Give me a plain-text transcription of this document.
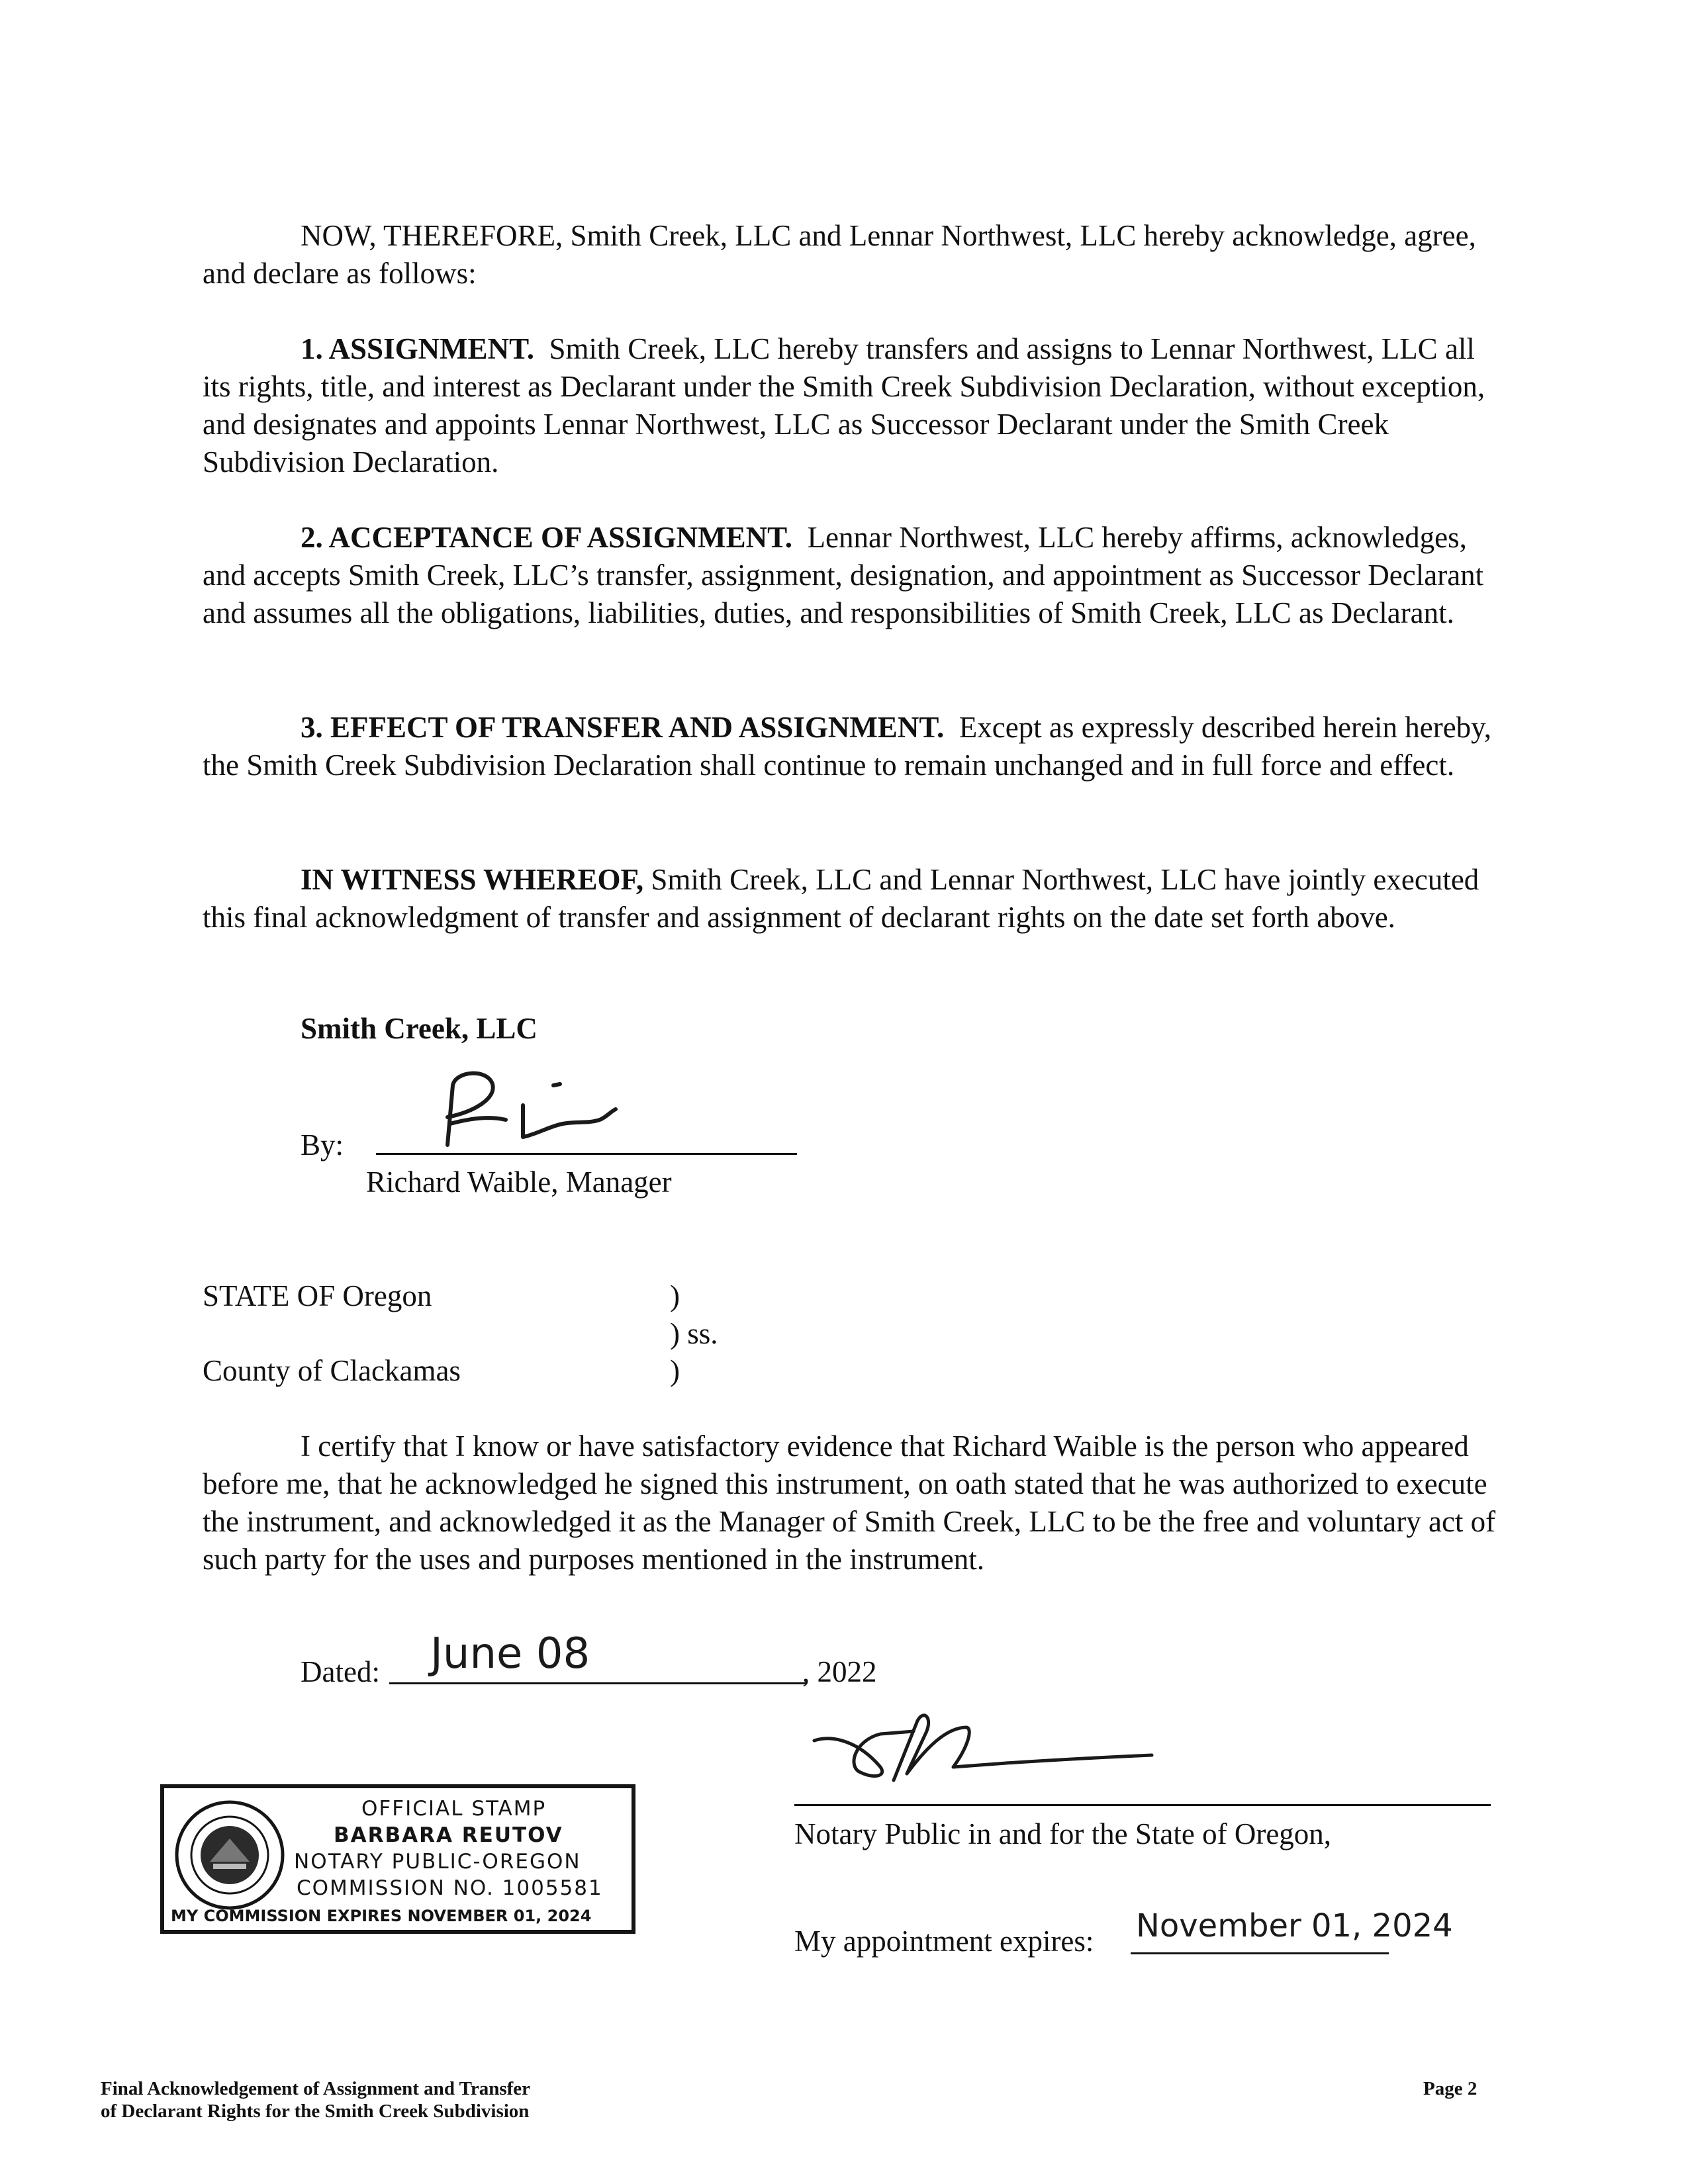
NOW, THEREFORE, Smith Creek, LLC and Lennar Northwest, LLC hereby acknowledge, agree, and declare as follows:
1. ASSIGNMENT. Smith Creek, LLC hereby transfers and assigns to Lennar Northwest, LLC all its rights, title, and interest as Declarant under the Smith Creek Subdivision Declaration, without exception, and designates and appoints Lennar Northwest, LLC as Successor Declarant under the Smith Creek Subdivision Declaration.
2. ACCEPTANCE OF ASSIGNMENT. Lennar Northwest, LLC hereby affirms, acknowledges, and accepts Smith Creek, LLC’s transfer, assignment, designation, and appointment as Successor Declarant and assumes all the obligations, liabilities, duties, and responsibilities of Smith Creek, LLC as Declarant.
3. EFFECT OF TRANSFER AND ASSIGNMENT. Except as expressly described herein hereby, the Smith Creek Subdivision Declaration shall continue to remain unchanged and in full force and effect.
IN WITNESS WHEREOF, Smith Creek, LLC and Lennar Northwest, LLC have jointly executed this final acknowledgment of transfer and assignment of declarant rights on the date set forth above.
Smith Creek, LLC
By:
Richard Waible, Manager
STATE OF Oregon
County of Clackamas
)
) ss.
)
I certify that I know or have satisfactory evidence that Richard Waible is the person who appeared before me, that he acknowledged he signed this instrument, on oath stated that he was authorized to execute the instrument, and acknowledged it as the Manager of Smith Creek, LLC to be the free and voluntary act of such party for the uses and purposes mentioned in the instrument.
Dated: June 08	, 2022
OFFICIAL STAMP
BARBARA REUTOV
NOTARY PUBLIC-OREGON
COMMISSION NO. 1005581
MY COMMISSION EXPIRES NOVEMBER 01, 2024
Notary Public in and for the State of Oregon,
My appointment expires: November 01, 2024
Final Acknowledgement of Assignment and Transfer
of Declarant Rights for the Smith Creek Subdivision
Page 2
